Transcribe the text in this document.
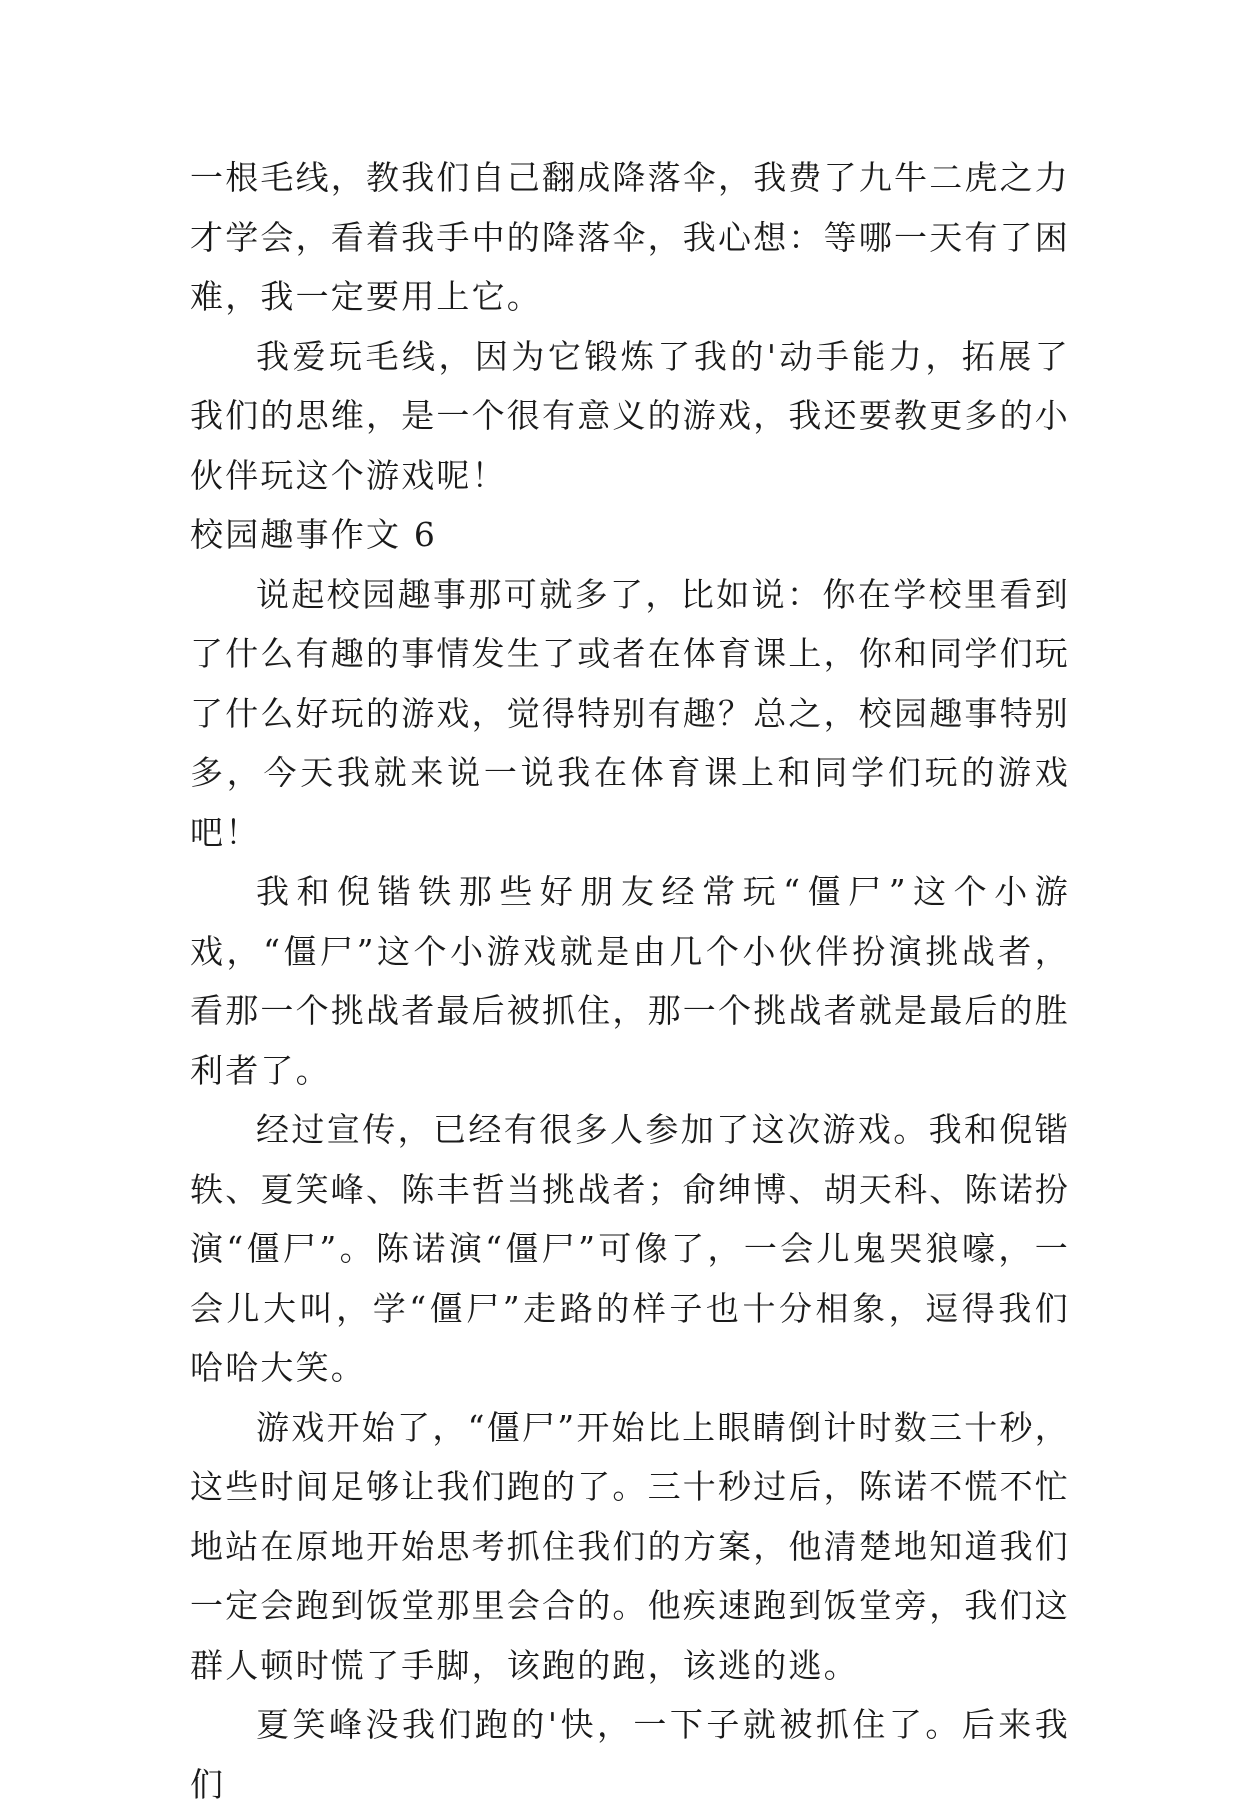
一根毛线，教我们自己翻成降落伞，我费了九牛二虎之力才学会，看着我手中的降落伞，我心想：等哪一天有了困难，我一定要用上它。

我爱玩毛线，因为它锻炼了我的'动手能力，拓展了我们的思维，是一个很有意义的游戏，我还要教更多的小伙伴玩这个游戏呢！

校园趣事作文 6

说起校园趣事那可就多了，比如说：你在学校里看到了什么有趣的事情发生了或者在体育课上，你和同学们玩了什么好玩的游戏，觉得特别有趣？总之，校园趣事特别多，今天我就来说一说我在体育课上和同学们玩的游戏吧！

我和倪锴铁那些好朋友经常玩“僵尸”这个小游戏，“僵尸”这个小游戏就是由几个小伙伴扮演挑战者，看那一个挑战者最后被抓住，那一个挑战者就是最后的胜利者了。

经过宣传，已经有很多人参加了这次游戏。我和倪锴轶、夏笑峰、陈丰哲当挑战者；俞绅博、胡天科、陈诺扮演“僵尸”。陈诺演“僵尸”可像了，一会儿鬼哭狼嚎，一会儿大叫，学“僵尸”走路的样子也十分相象，逗得我们哈哈大笑。

游戏开始了，“僵尸”开始比上眼睛倒计时数三十秒，这些时间足够让我们跑的了。三十秒过后，陈诺不慌不忙地站在原地开始思考抓住我们的方案，他清楚地知道我们一定会跑到饭堂那里会合的。他疾速跑到饭堂旁，我们这群人顿时慌了手脚，该跑的跑，该逃的逃。

夏笑峰没我们跑的'快，一下子就被抓住了。后来我们
